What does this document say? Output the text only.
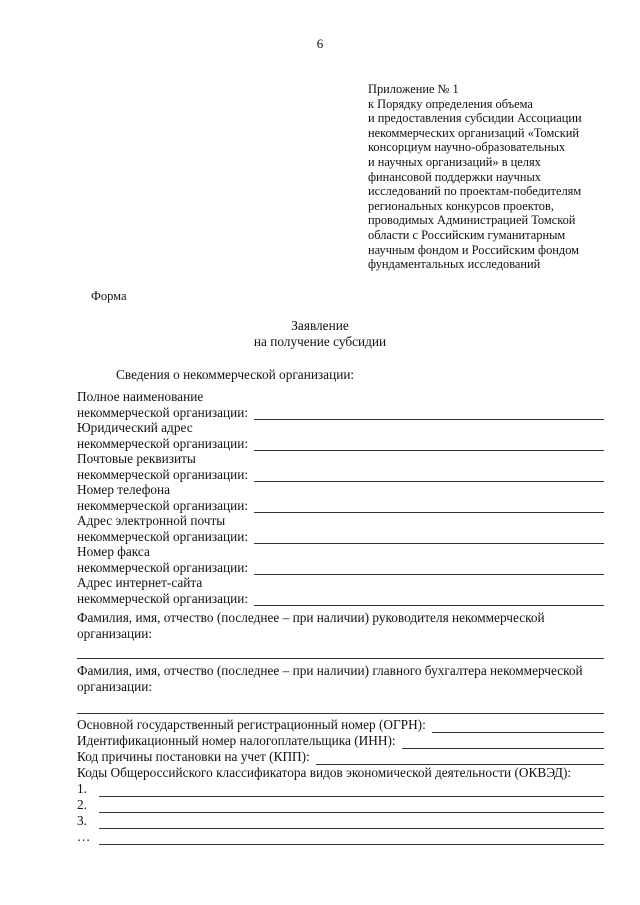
6
Приложение № 1
к Порядку определения объема
и предоставления субсидии Ассоциации
некоммерческих организаций «Томский
консорциум научно-образовательных
и научных организаций» в целях
финансовой поддержки научных
исследований по проектам-победителям
региональных конкурсов проектов,
проводимых Администрацией Томской
области с Российским гуманитарным
научным фондом и Российским фондом
фундаментальных исследований
Форма
Заявление
на получение субсидии
Сведения о некоммерческой организации:
Полное наименование
некоммерческой организации:
Юридический адрес
некоммерческой организации:
Почтовые реквизиты
некоммерческой организации:
Номер телефона
некоммерческой организации:
Адрес электронной почты
некоммерческой организации:
Номер факса
некоммерческой организации:
Адрес интернет-сайта
некоммерческой организации:
Фамилия, имя, отчество (последнее – при наличии) руководителя некоммерческой
организации:
Фамилия, имя, отчество (последнее – при наличии) главного бухгалтера некоммерческой
организации:
Основной государственный регистрационный номер (ОГРН):
Идентификационный номер налогоплательщика (ИНН):
Код причины постановки на учет (КПП):
Коды Общероссийского классификатора видов экономической деятельности (ОКВЭД):
1.
2.
3.
…
